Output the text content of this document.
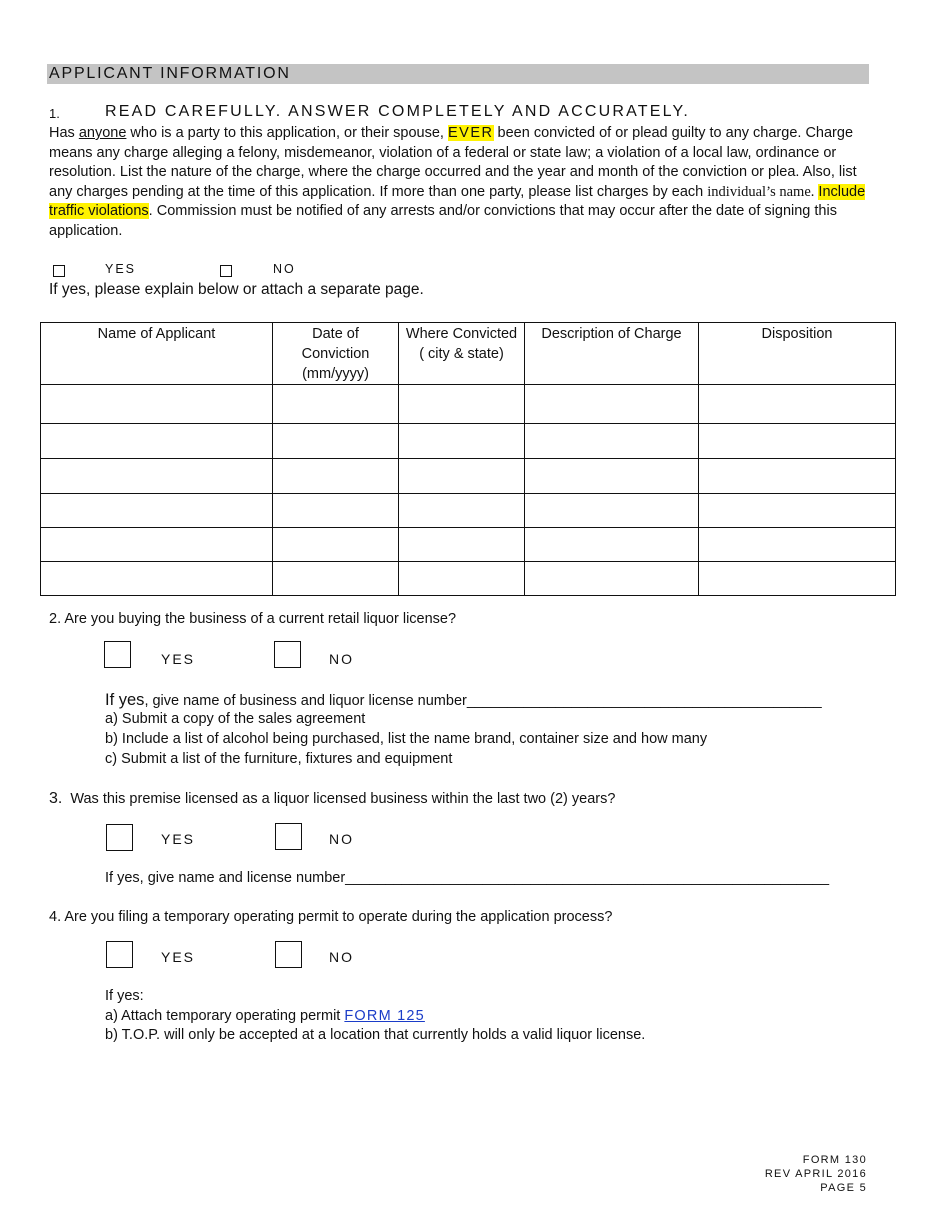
APPLICANT INFORMATION
1.	READ CAREFULLY. ANSWER COMPLETELY AND ACCURATELY.
Has anyone who is a party to this application, or their spouse, EVER been convicted of or plead guilty to any charge. Charge means any charge alleging a felony, misdemeanor, violation of a federal or state law; a violation of a local law, ordinance or resolution. List the nature of the charge, where the charge occurred and the year and month of the conviction or plea. Also, list any charges pending at the time of this application. If more than one party, please list charges by each individual’s name. Include traffic violations. Commission must be notified of any arrests and/or convictions that may occur after the date of signing this application.
YES	NO
If yes, please explain below or attach a separate page.
Name of Applicant	Date of Conviction (mm/yyyy)	Where Convicted ( city & state)	Description of Charge	Disposition

2. Are you buying the business of a current retail liquor license?
YES	NO
If yes, give name of business and liquor license number____________________________________________
a) Submit a copy of the sales agreement
b) Include a list of alcohol being purchased, list the name brand, container size and how many
c) Submit a list of the furniture, fixtures and equipment
3. Was this premise licensed as a liquor licensed business within the last two (2) years?
YES	NO
If yes, give name and license number____________________________________________________________
4. Are you filing a temporary operating permit to operate during the application process?
YES	NO
If yes:
a) Attach temporary operating permit FORM 125
b) T.O.P. will only be accepted at a location that currently holds a valid liquor license.
FORM 130
REV APRIL 2016
PAGE 5
